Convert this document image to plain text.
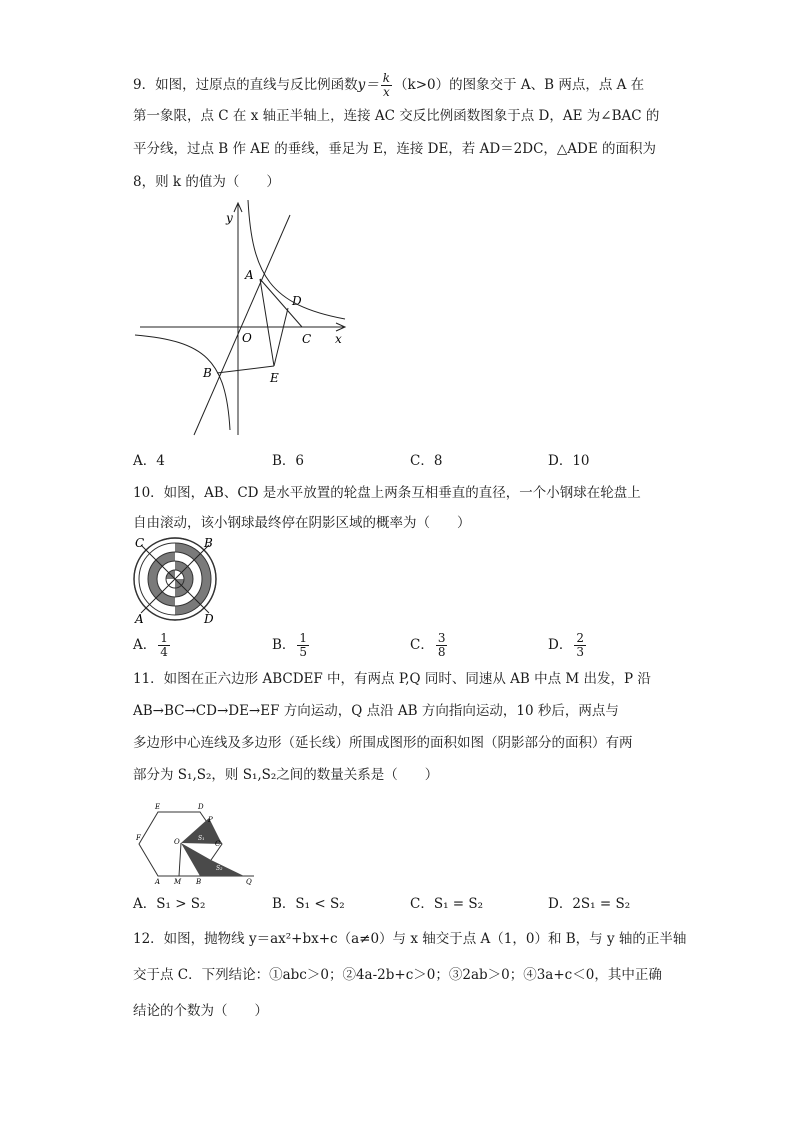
9．如图，过原点的直线与反比例函数$y= \frac{k}{x} (k>0)$的图象交于 A、B 两点，点 A 在
第一象限，点 C 在 x 轴正半轴上，连接 AC 交反比例函数图象于点 D，AE 为∠BAC 的
平分线，过点 B 作 AE 的垂线，垂足为 E，连接 DE，若 AD＝2DC，△ADE 的面积为
8，则 k 的值为（　　）
y
x
O
A
D
C
B	E
A．4	B．6	C．8	D．10
10．如图，AB、CD 是水平放置的轮盘上两条互相垂直的直径，一个小钢球在轮盘上
自由滚动，该小钢球最终停在阴影区域的概率为（　　）
C	B
A	D
A． $\frac{1}{4}$	B． $\frac{1}{5}$	C． $\frac{3}{8}$	D． $\frac{2}{3}$
11．如图在正六边形 ABCDEF 中，有两点 P,Q 同时、同速从 AB 中点 M 出发，P 沿
AB→BC→CD→DE→EF 方向运动，Q 点沿 AB 方向指向运动，10 秒后，两点与
多边形中心连线及多边形（延长线）所围成图形的面积如图（阴影部分的面积）有两
部分为 S₁,S₂，则 S₁,S₂之间的数量关系是（　　）
E	D
F	O
P
C
S₁
S₂
A M B	Q
A．S₁ > S₂	B．S₁ < S₂	C．S₁ = S₂	D．2S₁ = S₂
12．如图，抛物线 y＝ax²+bx+c（a≠0）与 x 轴交于点 A（1，0）和 B，与 y 轴的正半轴
交于点 C．下列结论：①abc＞0；②4a-2b+c＞0；③2ab＞0；④3a+c＜0，其中正确
结论的个数为（　　）
